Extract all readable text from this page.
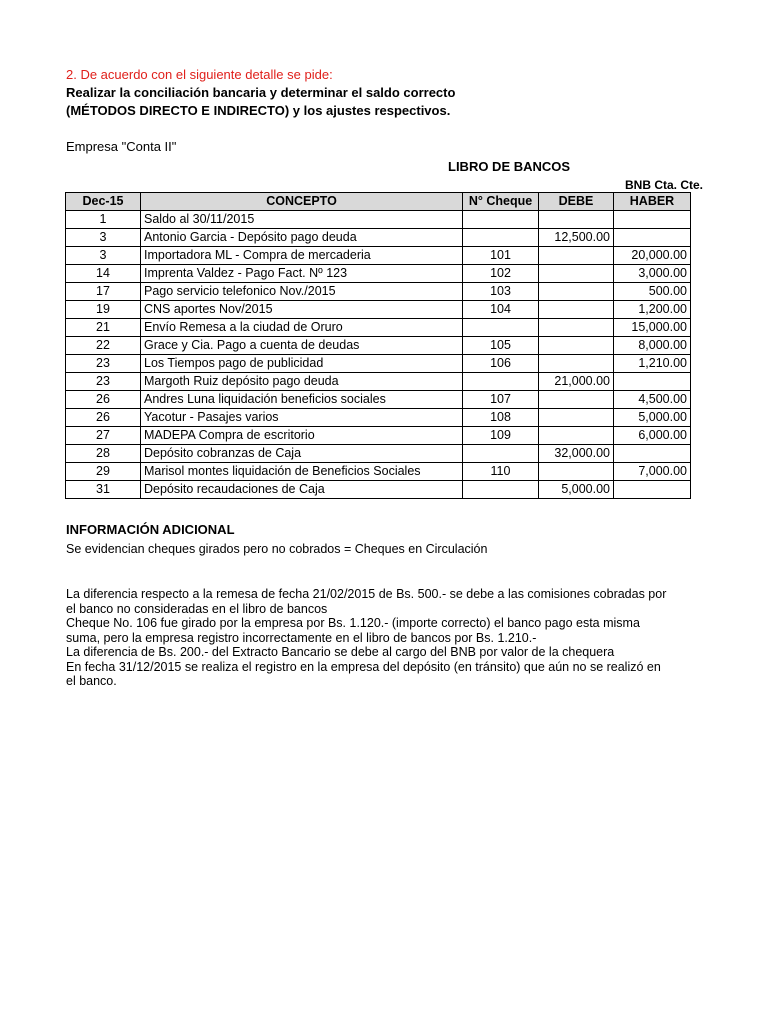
2. De acuerdo con el siguiente detalle se pide:
Realizar la conciliación bancaria y determinar el saldo correcto
(MÉTODOS DIRECTO E INDIRECTO) y los ajustes respectivos.
Empresa "Conta II"
LIBRO DE BANCOS
BNB Cta. Cte.
Dec-15	CONCEPTO	N° Cheque	DEBE	HABER
1	Saldo al 30/11/2015			
3	Antonio Garcia - Depósito pago deuda		12,500.00	
3	Importadora ML - Compra de mercaderia	101		20,000.00
14	Imprenta Valdez - Pago Fact. Nº 123	102		3,000.00
17	Pago servicio telefonico Nov./2015	103		500.00
19	CNS aportes Nov/2015	104		1,200.00
21	Envío Remesa a la ciudad de Oruro			15,000.00
22	Grace y Cia. Pago a cuenta de deudas	105		8,000.00
23	Los Tiempos pago de publicidad	106		1,210.00
23	Margoth Ruiz depósito pago deuda		21,000.00	
26	Andres Luna liquidación beneficios sociales	107		4,500.00
26	Yacotur - Pasajes varios	108		5,000.00
27	MADEPA Compra de escritorio	109		6,000.00
28	Depósito cobranzas de Caja		32,000.00	
29	Marisol montes liquidación de Beneficios Sociales	110		7,000.00
31	Depósito recaudaciones de Caja		5,000.00	
INFORMACIÓN ADICIONAL
Se evidencian cheques girados pero no cobrados = Cheques en Circulación
La diferencia respecto a la remesa de fecha 21/02/2015 de Bs. 500.- se debe a las comisiones cobradas por
el banco no consideradas en el libro de bancos
Cheque No. 106 fue girado por la empresa por Bs. 1.120.- (importe correcto) el banco pago esta misma
suma, pero la empresa registro incorrectamente en el libro de bancos por Bs. 1.210.-
La diferencia de Bs. 200.- del Extracto Bancario se debe al cargo del BNB por valor de la chequera
En fecha 31/12/2015 se realiza el registro en la empresa del depósito (en tránsito) que aún no se realizó en
el banco.
